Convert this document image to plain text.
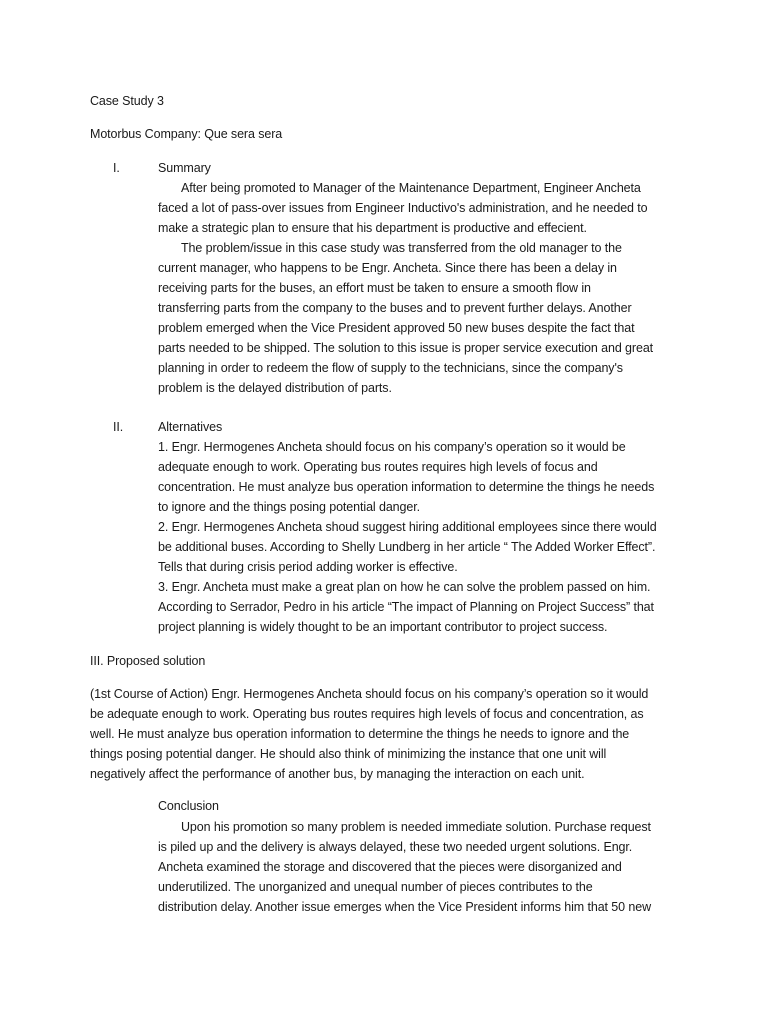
Case Study 3
Motorbus Company: Que sera sera
I.	Summary
After being promoted to Manager of the Maintenance Department, Engineer Ancheta
faced a lot of pass-over issues from Engineer Inductivo's administration, and he needed to
make a strategic plan to ensure that his department is productive and effecient.
The problem/issue in this case study was transferred from the old manager to the
current manager, who happens to be Engr. Ancheta. Since there has been a delay in
receiving parts for the buses, an effort must be taken to ensure a smooth flow in
transferring parts from the company to the buses and to prevent further delays. Another
problem emerged when the Vice President approved 50 new buses despite the fact that
parts needed to be shipped. The solution to this issue is proper service execution and great
planning in order to redeem the flow of supply to the technicians, since the company's
problem is the delayed distribution of parts.
II.	Alternatives
1. Engr. Hermogenes Ancheta should focus on his company’s operation so it would be
adequate enough to work. Operating bus routes requires high levels of focus and
concentration. He must analyze bus operation information to determine the things he needs
to ignore and the things posing potential danger.
2. Engr. Hermogenes Ancheta shoud suggest hiring additional employees since there would
be additional buses. According to Shelly Lundberg in her article “ The Added Worker Effect”.
Tells that during crisis period adding worker is effective.
3. Engr. Ancheta must make a great plan on how he can solve the problem passed on him.
According to Serrador, Pedro in his article “The impact of Planning on Project Success” that
project planning is widely thought to be an important contributor to project success.
III. Proposed solution
(1st Course of Action) Engr. Hermogenes Ancheta should focus on his company’s operation so it would
be adequate enough to work. Operating bus routes requires high levels of focus and concentration, as
well. He must analyze bus operation information to determine the things he needs to ignore and the
things posing potential danger. He should also think of minimizing the instance that one unit will
negatively affect the performance of another bus, by managing the interaction on each unit.
Conclusion
Upon his promotion so many problem is needed immediate solution. Purchase request
is piled up and the delivery is always delayed, these two needed urgent solutions. Engr.
Ancheta examined the storage and discovered that the pieces were disorganized and
underutilized. The unorganized and unequal number of pieces contributes to the
distribution delay. Another issue emerges when the Vice President informs him that 50 new
